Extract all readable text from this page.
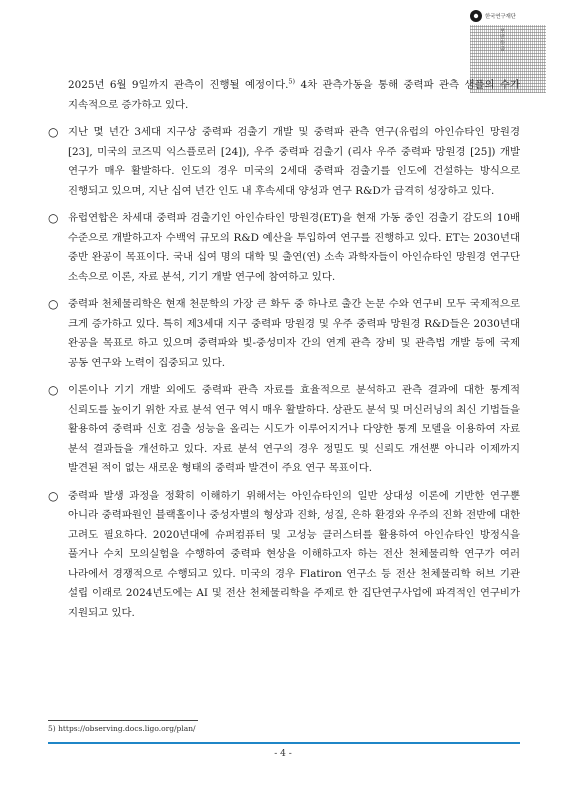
한국연구재단
보안등급
2025년 6월 9일까지 관측이 진행될 예정이다.$^{5)}$ 4차 관측가동을 통해 중력파 관측 샘플의 수가 지속적으로 증가하고 있다.
○ 지난 몇 년간 3세대 지구상 중력파 검출기 개발 및 중력파 관측 연구(유럽의 아인슈타인 망원경 [23], 미국의 코즈믹 익스플로러 [24]), 우주 중력파 검출기 (리사 우주 중력파 망원경 [25]) 개발 연구가 매우 활발하다. 인도의 경우 미국의 2세대 중력파 검출기를 인도에 건설하는 방식으로 진행되고 있으며, 지난 십여 년간 인도 내 후속세대 양성과 연구 R&D가 급격히 성장하고 있다.
○ 유럽연합은 차세대 중력파 검출기인 아인슈타인 망원경(ET)을 현재 가동 중인 검출기 감도의 10배 수준으로 개발하고자 수백억 규모의 R&D 예산을 투입하여 연구를 진행하고 있다. ET는 2030년대 중반 완공이 목표이다. 국내 십여 명의 대학 및 출연(연) 소속 과학자들이 아인슈타인 망원경 연구단 소속으로 이론, 자료 분석, 기기 개발 연구에 참여하고 있다.
○ 중력파 천체물리학은 현재 천문학의 가장 큰 화두 중 하나로 출간 논문 수와 연구비 모두 국제적으로 크게 증가하고 있다. 특히 제3세대 지구 중력파 망원경 및 우주 중력파 망원경 R&D들은 2030년대 완공을 목표로 하고 있으며 중력파와 빛-중성미자 간의 연계 관측 장비 및 관측법 개발 등에 국제 공동 연구와 노력이 집중되고 있다.
○ 이론이나 기기 개발 외에도 중력파 관측 자료를 효율적으로 분석하고 관측 결과에 대한 통계적 신뢰도를 높이기 위한 자료 분석 연구 역시 매우 활발하다. 상관도 분석 및 머신러닝의 최신 기법들을 활용하여 중력파 신호 검출 성능을 올리는 시도가 이루어지거나 다양한 통계 모델을 이용하여 자료 분석 결과들을 개선하고 있다. 자료 분석 연구의 경우 정밀도 및 신뢰도 개선뿐 아니라 이제까지 발견된 적이 없는 새로운 형태의 중력파 발견이 주요 연구 목표이다.
○ 중력파 발생 과정을 정확히 이해하기 위해서는 아인슈타인의 일반 상대성 이론에 기반한 연구뿐 아니라 중력파원인 블랙홀이나 중성자별의 형상과 진화, 성질, 은하 환경와 우주의 진화 전반에 대한 고려도 필요하다. 2020년대에 슈퍼컴퓨터 및 고성능 클러스터를 활용하여 아인슈타인 방정식을 풀거나 수치 모의실험을 수행하여 중력파 현상을 이해하고자 하는 전산 천체물리학 연구가 여러 나라에서 경쟁적으로 수행되고 있다. 미국의 경우 Flatiron 연구소 등 전산 천체물리학 허브 기관 설립 이래로 2024년도에는 AI 및 전산 천체물리학을 주제로 한 집단연구사업에 파격적인 연구비가 지원되고 있다.
5) https://observing.docs.ligo.org/plan/
- 4 -
